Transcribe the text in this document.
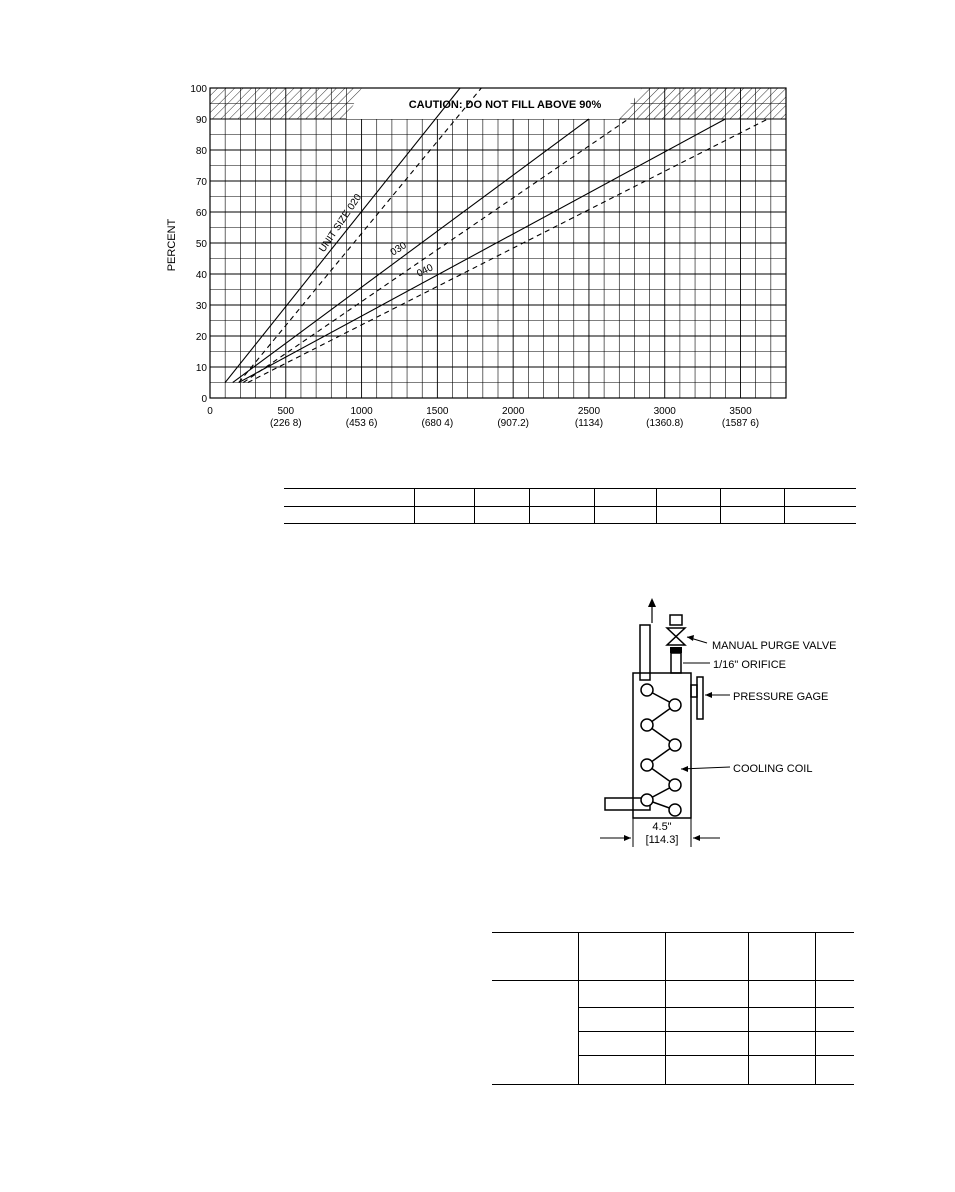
0
10
20
30
40
50
60
70
80
90
100
0	500
(226 8)
1000
(453 6)
1500
(680 4)
2000
(907.2)
2500
(1134)
3000
(1360.8)
3500
(1587 6)
CAUTION: DO NOT FILL ABOVE 90%
PERCENT	UNIT SIZE 020 030
040
MANUAL PURGE VALVE
1/16" ORIFICE
PRESSURE GAGE
COOLING COIL
4.5"
[114.3]
